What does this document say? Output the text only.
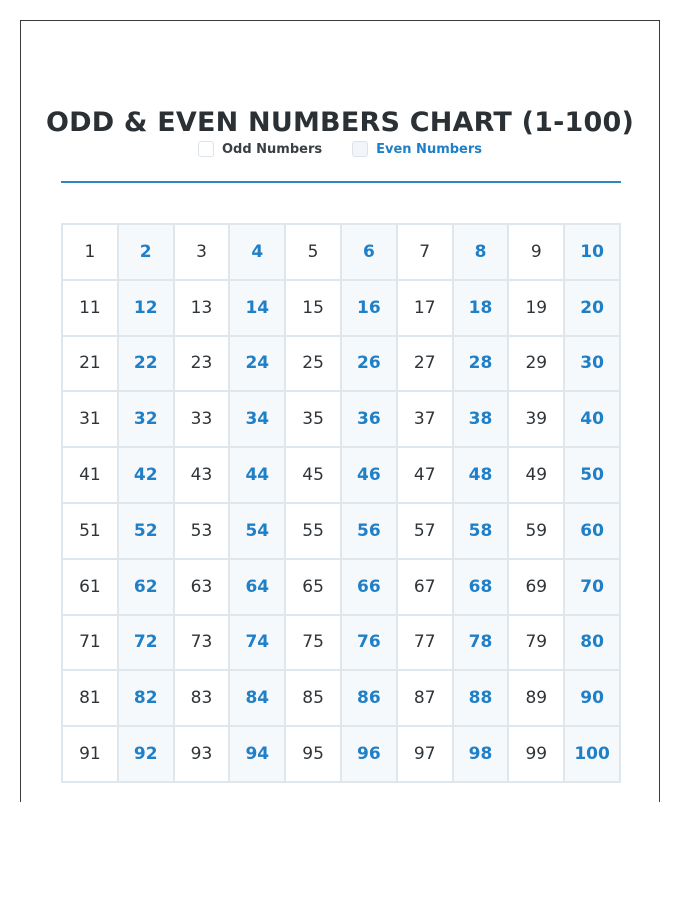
ODD & EVEN NUMBERS CHART (1-100)
Odd Numbers	Even Numbers
1	2	3	4	5	6	7	8	9	10
11	12	13	14	15	16	17	18	19	20
21	22	23	24	25	26	27	28	29	30
31	32	33	34	35	36	37	38	39	40
41	42	43	44	45	46	47	48	49	50
51	52	53	54	55	56	57	58	59	60
61	62	63	64	65	66	67	68	69	70
71	72	73	74	75	76	77	78	79	80
81	82	83	84	85	86	87	88	89	90
91	92	93	94	95	96	97	98	99	100
